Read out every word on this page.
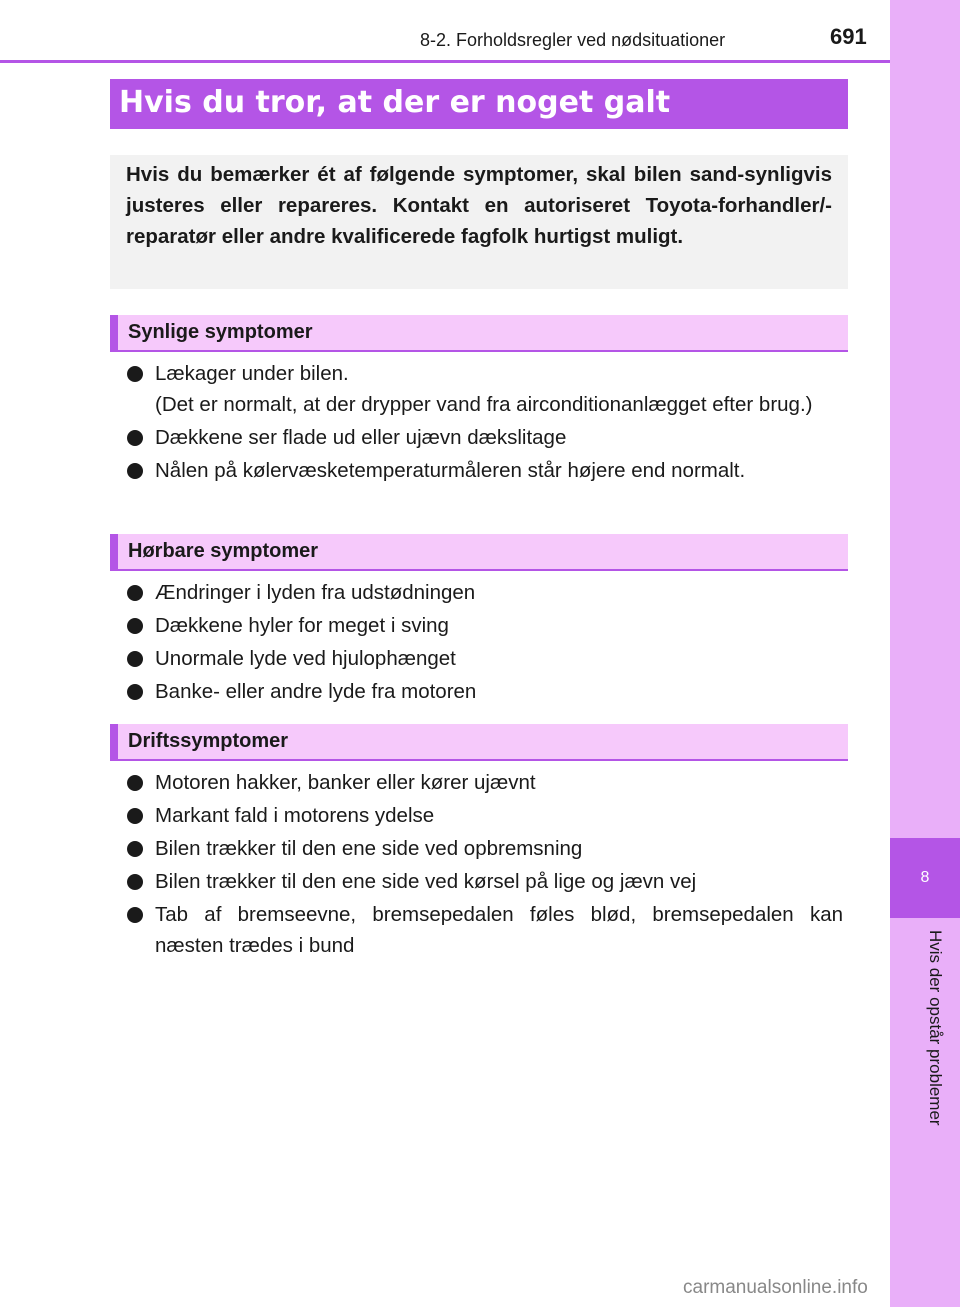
8-2. Forholdsregler ved nødsituationer	691
8
Hvis der opstår problemer
Hvis du tror, at der er noget galt

Hvis du bemærker ét af følgende symptomer, skal bilen sand-synligvis justeres eller repareres. Kontakt en autoriseret Toyota-forhandler/-reparatør eller andre kvalificerede fagfolk hurtigst muligt.

Synlige symptomer
Lækager under bilen.
(Det er normalt, at der drypper vand fra airconditionanlægget efter brug.)
Dækkene ser flade ud eller ujævn dækslitage
Nålen på kølervæsketemperaturmåleren står højere end normalt.
Hørbare symptomer
Ændringer i lyden fra udstødningen
Dækkene hyler for meget i sving
Unormale lyde ved hjulophænget
Banke- eller andre lyde fra motoren
Driftssymptomer
Motoren hakker, banker eller kører ujævnt
Markant fald i motorens ydelse
Bilen trækker til den ene side ved opbremsning
Bilen trækker til den ene side ved kørsel på lige og jævn vej
Tab af bremseevne, bremsepedalen føles blød, bremsepedalen kan næsten trædes i bund
carmanualsonline.info
